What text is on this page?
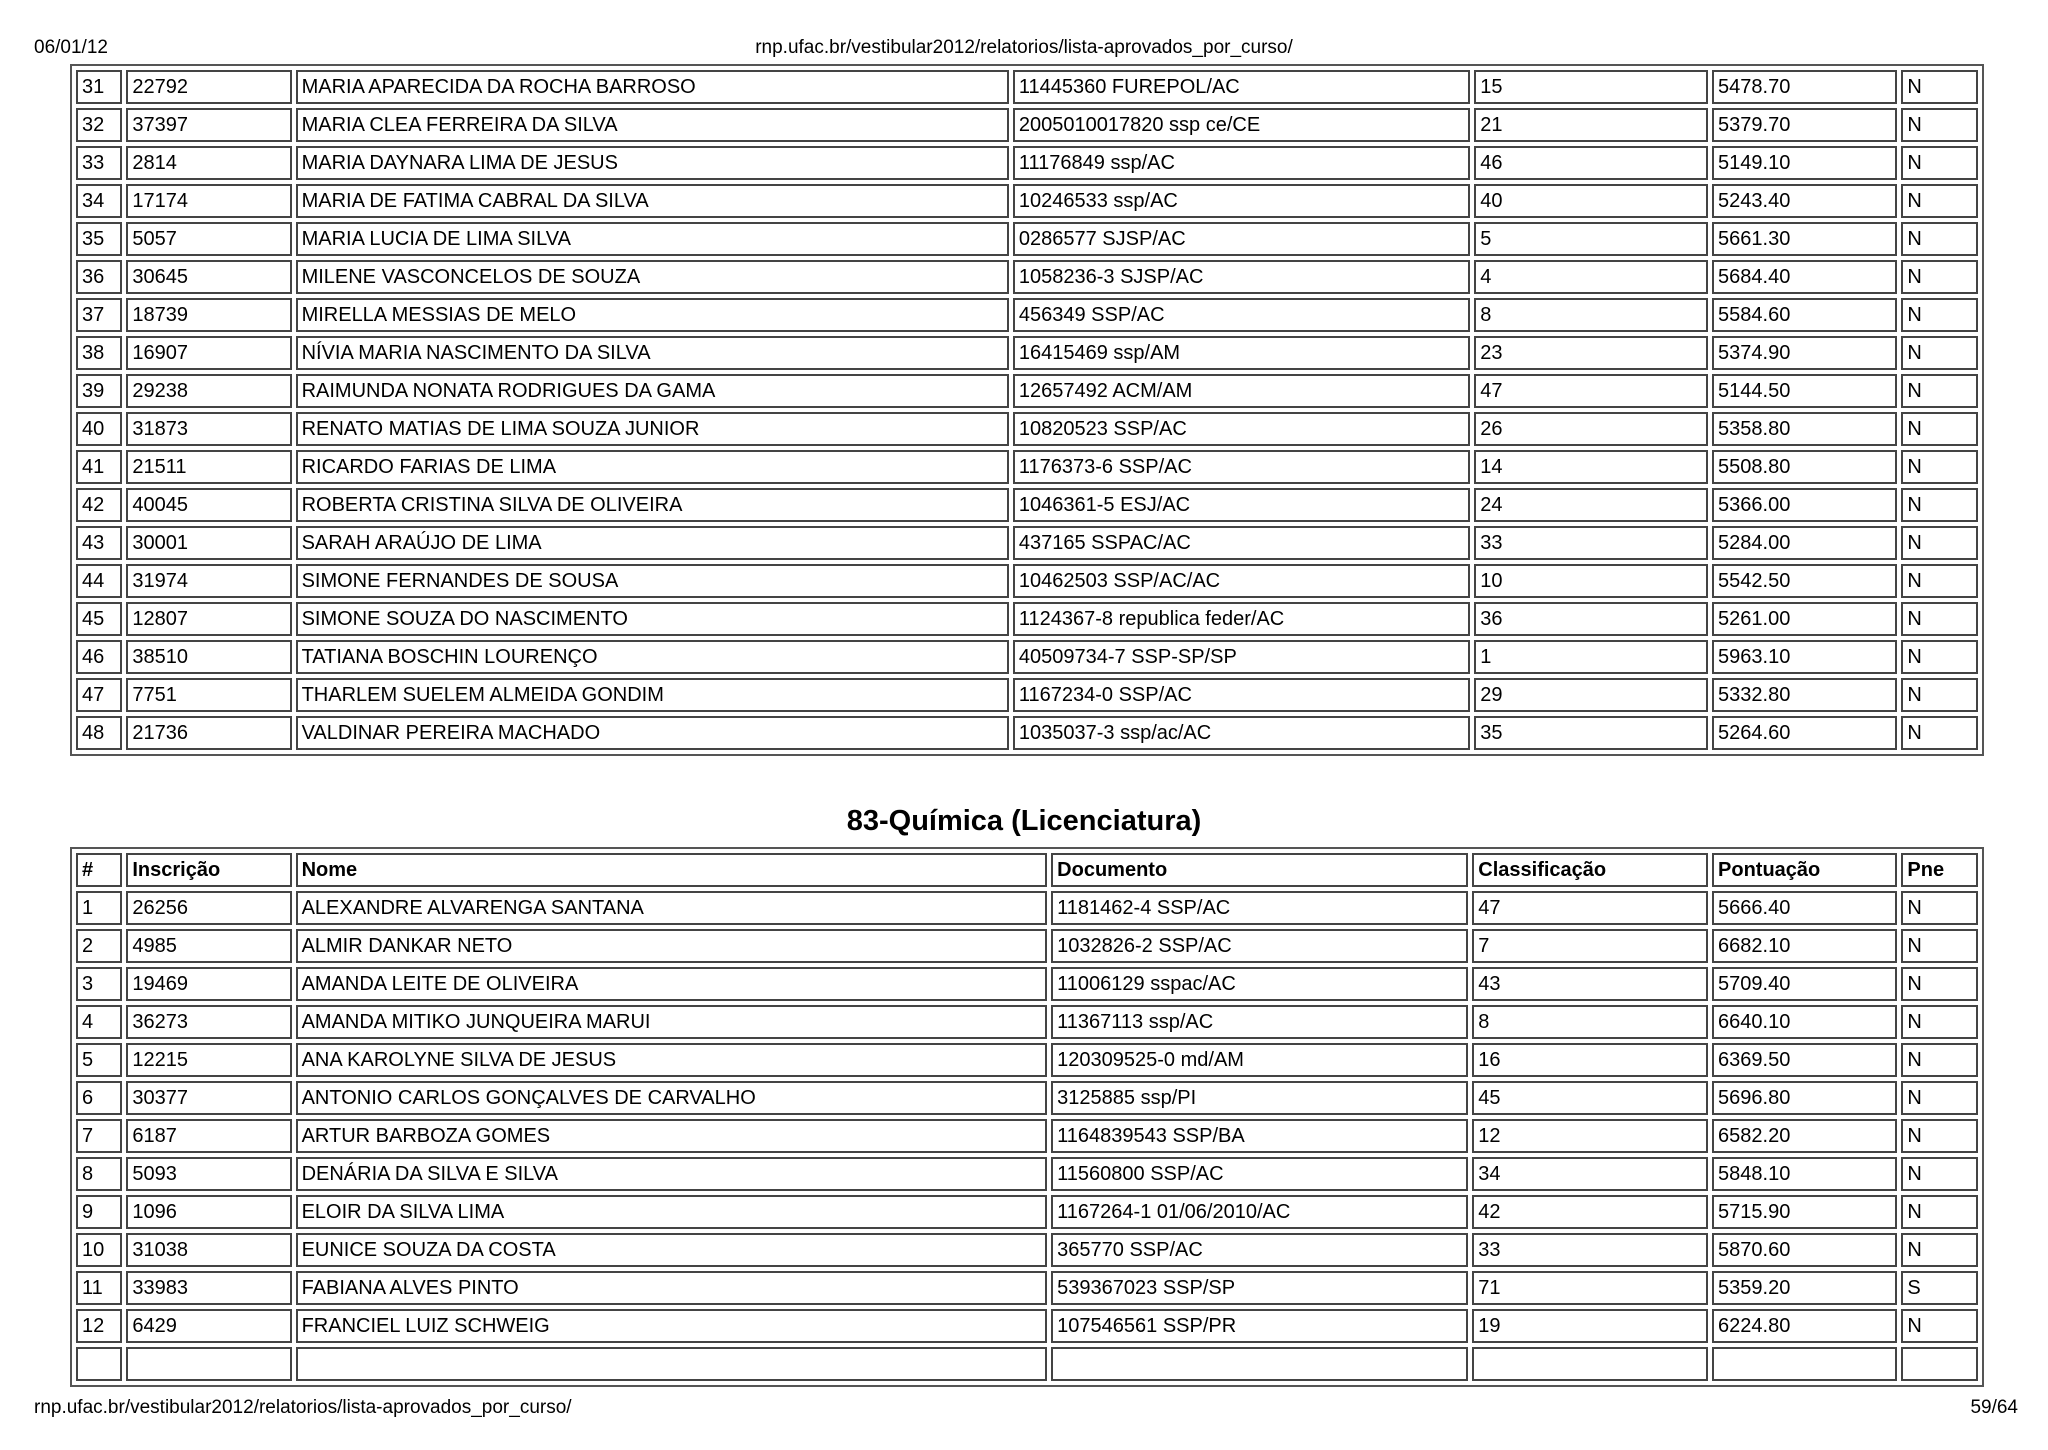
06/01/12	rnp.ufac.br/vestibular2012/relatorios/lista-aprovados_por_curso/
31	22792	MARIA APARECIDA DA ROCHA BARROSO	11445360 FUREPOL/AC	15	5478.70	N
32	37397	MARIA CLEA FERREIRA DA SILVA	2005010017820 ssp ce/CE	21	5379.70	N
33	2814	MARIA DAYNARA LIMA DE JESUS	11176849 ssp/AC	46	5149.10	N
34	17174	MARIA DE FATIMA CABRAL DA SILVA	10246533 ssp/AC	40	5243.40	N
35	5057	MARIA LUCIA DE LIMA SILVA	0286577 SJSP/AC	5	5661.30	N
36	30645	MILENE VASCONCELOS DE SOUZA	1058236-3 SJSP/AC	4	5684.40	N
37	18739	MIRELLA MESSIAS DE MELO	456349 SSP/AC	8	5584.60	N
38	16907	NÍVIA MARIA NASCIMENTO DA SILVA	16415469 ssp/AM	23	5374.90	N
39	29238	RAIMUNDA NONATA RODRIGUES DA GAMA	12657492 ACM/AM	47	5144.50	N
40	31873	RENATO MATIAS DE LIMA SOUZA JUNIOR	10820523 SSP/AC	26	5358.80	N
41	21511	RICARDO FARIAS DE LIMA	1176373-6 SSP/AC	14	5508.80	N
42	40045	ROBERTA CRISTINA SILVA DE OLIVEIRA	1046361-5 ESJ/AC	24	5366.00	N
43	30001	SARAH ARAÚJO DE LIMA	437165 SSPAC/AC	33	5284.00	N
44	31974	SIMONE FERNANDES DE SOUSA	10462503 SSP/AC/AC	10	5542.50	N
45	12807	SIMONE SOUZA DO NASCIMENTO	1124367-8 republica feder/AC	36	5261.00	N
46	38510	TATIANA BOSCHIN LOURENÇO	40509734-7 SSP-SP/SP	1	5963.10	N
47	7751	THARLEM SUELEM ALMEIDA GONDIM	1167234-0 SSP/AC	29	5332.80	N
48	21736	VALDINAR PEREIRA MACHADO	1035037-3 ssp/ac/AC	35	5264.60	N
83-Química (Licenciatura)
#	Inscrição	Nome	Documento	Classificação	Pontuação	Pne
1	26256	ALEXANDRE ALVARENGA SANTANA	1181462-4 SSP/AC	47	5666.40	N
2	4985	ALMIR DANKAR NETO	1032826-2 SSP/AC	7	6682.10	N
3	19469	AMANDA LEITE DE OLIVEIRA	11006129 sspac/AC	43	5709.40	N
4	36273	AMANDA MITIKO JUNQUEIRA MARUI	11367113 ssp/AC	8	6640.10	N
5	12215	ANA KAROLYNE SILVA DE JESUS	120309525-0 md/AM	16	6369.50	N
6	30377	ANTONIO CARLOS GONÇALVES DE CARVALHO	3125885 ssp/PI	45	5696.80	N
7	6187	ARTUR BARBOZA GOMES	1164839543 SSP/BA	12	6582.20	N
8	5093	DENÁRIA DA SILVA E SILVA	11560800 SSP/AC	34	5848.10	N
9	1096	ELOIR DA SILVA LIMA	1167264-1 01/06/2010/AC	42	5715.90	N
10	31038	EUNICE SOUZA DA COSTA	365770 SSP/AC	33	5870.60	N
11	33983	FABIANA ALVES PINTO	539367023 SSP/SP	71	5359.20	S
12	6429	FRANCIEL LUIZ SCHWEIG	107546561 SSP/PR	19	6224.80	N

rnp.ufac.br/vestibular2012/relatorios/lista-aprovados_por_curso/	59/64
